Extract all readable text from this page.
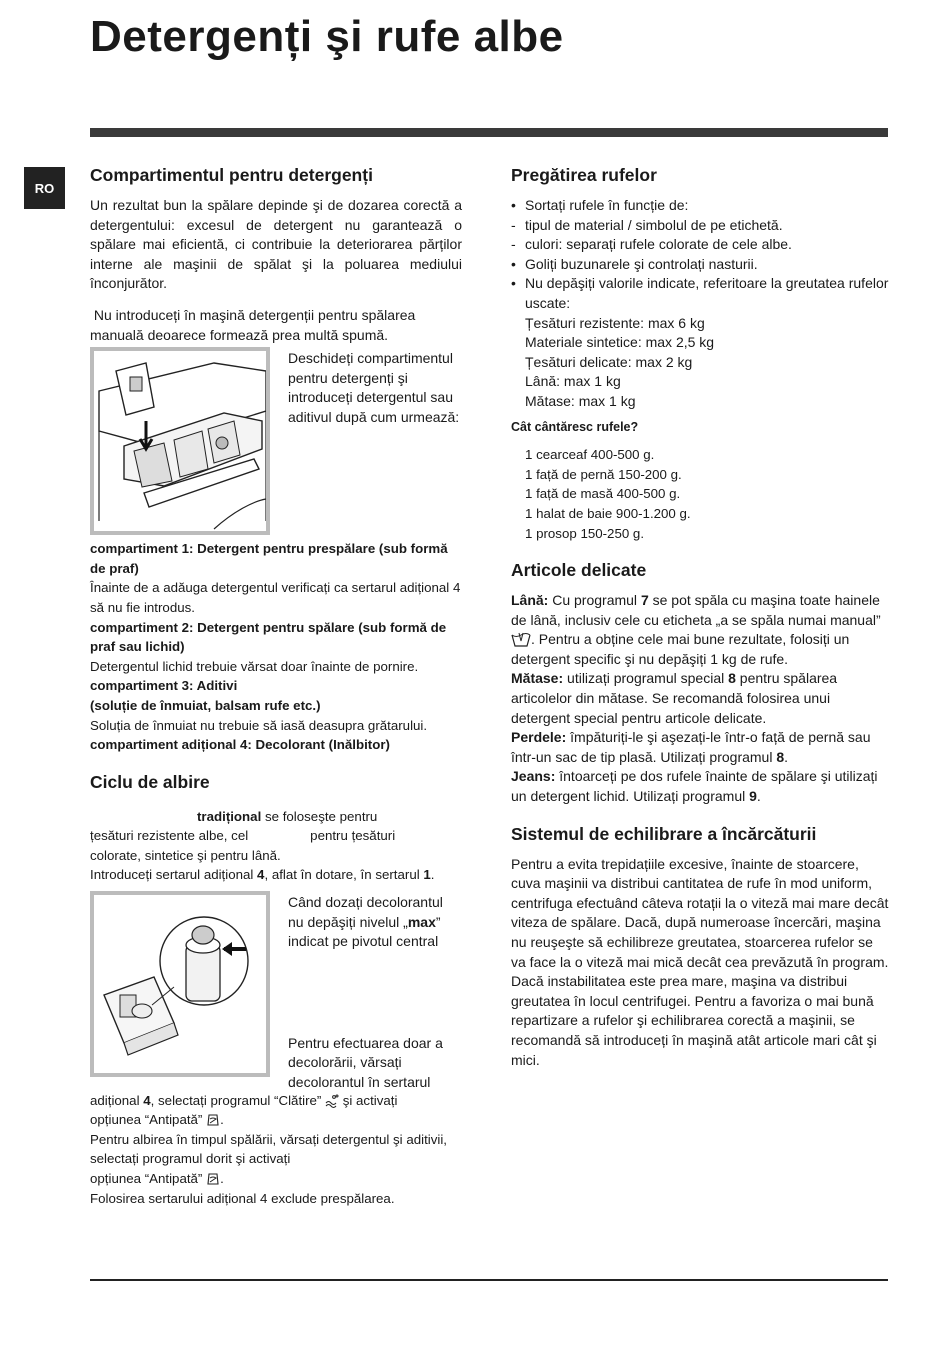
Detergenți şi rufe albe
RO
Compartimentul pentru detergenți

Un rezultat bun la spălare depinde şi de dozarea corectă a detergentului: excesul de detergent nu garantează o spălare mai eficientă, ci contribuie la deteriorarea părților interne ale maşinii de spălat şi la poluarea mediului înconjurător.

Nu introduceți în maşină detergenții pentru spălarea manuală deoarece formează prea multă spumă.

Deschideți compartimentul pentru detergenți şi introduceți detergentul sau aditivul după cum urmează:

compartiment 1: Detergent pentru prespălare (sub formă de praf)

Înainte de a adăuga detergentul verificați ca sertarul adițional 4 să nu fie introdus.

compartiment 2: Detergent pentru spălare (sub formă de praf sau lichid)

Detergentul lichid trebuie vărsat doar înainte de pornire.

compartiment 3: Aditivi

(soluție de înmuiat, balsam rufe etc.)

Soluția de înmuiat nu trebuie să iasă deasupra grătarului.

compartiment adițional 4: Decolorant (Inălbitor)

Ciclu de albire

tradițional se foloseşte pentru

țesături rezistente albe, cel	pentru țesături

colorate, sintetice şi pentru lână.

Introduceți sertarul adițional 4, aflat în dotare, în sertarul 1.

Când dozați decolorantul nu depăşiți nivelul „max” indicat pe pivotul central

Pentru efectuarea doar a decolorării, vărsați decolorantul în sertarul

adițional 4, selectați programul “Clătire”  şi activați

opțiunea “Antipată” .

Pentru albirea în timpul spălării, vărsați detergentul şi aditivii, selectați programul dorit şi activați

opțiunea “Antipată” .

Folosirea sertarului adițional 4 exclude prespălarea.

Pregătirea rufelor
• Sortați rufele în funcție de:
- tipul de material / simbolul de pe etichetă.
- culori: separați rufele colorate de cele albe.
• Goliți buzunarele şi controlați nasturii.
• Nu depăşiți valorile indicate, referitoare la greutatea rufelor uscate:

Țesături rezistente: max 6 kg

Materiale sintetice: max 2,5 kg

Țesături delicate: max 2 kg

Lână: max 1 kg

Mătase: max 1 kg

Cât cântăresc rufele?

1 cearceaf 400-500 g.

1 față de pernă 150-200 g.

1 față de masă 400-500 g.

1 halat de baie 900-1.200 g.

1 prosop 150-250 g.

Articole delicate

Lână: Cu programul 7 se pot spăla cu maşina toate hainele de lână, inclusiv cele cu eticheta „a se spăla numai manual” . Pentru a obține cele mai bune rezultate, folosiți un detergent specific şi nu depăşiți 1 kg de rufe.

Mătase: utilizați programul special 8 pentru spălarea articolelor din mătase. Se recomandă folosirea unui detergent special pentru articole delicate.

Perdele: împăturiți-le şi aşezați-le într-o față de pernă sau într-un sac de tip plasă. Utilizați programul 8.

Jeans: întoarceți pe dos rufele înainte de spălare şi utilizați un detergent lichid. Utilizați programul 9.

Sistemul de echilibrare a încărcăturii

Pentru a evita trepidațiile excesive, înainte de stoarcere, cuva maşinii va distribui cantitatea de rufe în mod uniform, centrifuga efectuând câteva rotații la o viteză mai mare decât viteza de spălare. Dacă, după numeroase încercări, maşina nu reuşeşte să echilibreze greutatea, stoarcerea rufelor se va face la o viteză mai mică decât cea prevăzută în program. Dacă instabilitatea este prea mare, maşina va distribui greutatea în locul centrifugei. Pentru a favoriza o mai bună repartizare a rufelor şi echilibrarea corectă a maşinii, se recomandă să introduceți în maşină atât articole mari cât şi mici.
